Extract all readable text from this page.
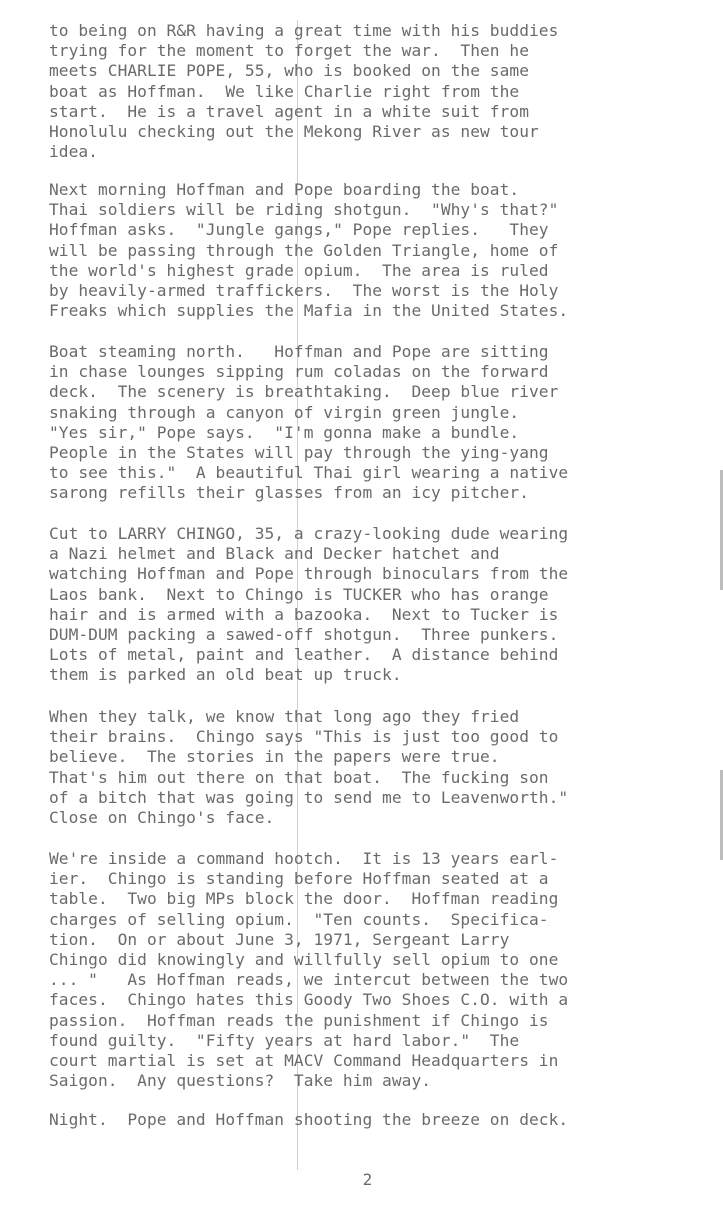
to being on R&R having a great time with his buddies
trying for the moment to forget the war.  Then he
meets CHARLIE POPE, 55, who is booked on the same
boat as Hoffman.  We like Charlie right from the
start.  He is a travel agent in a white suit from
Honolulu checking out the Mekong River as new tour
idea.
Next morning Hoffman and Pope boarding the boat.
Thai soldiers will be riding shotgun.  "Why's that?"
Hoffman asks.  "Jungle gangs," Pope replies.   They
will be passing through the Golden Triangle, home of
the world's highest grade opium.  The area is ruled
by heavily-armed traffickers.  The worst is the Holy
Freaks which supplies the Mafia in the United States.
Boat steaming north.   Hoffman and Pope are sitting
in chase lounges sipping rum coladas on the forward
deck.  The scenery is breathtaking.  Deep blue river
snaking through a canyon of virgin green jungle.
"Yes sir," Pope says.  "I'm gonna make a bundle.
People in the States will pay through the ying-yang
to see this."  A beautiful Thai girl wearing a native
sarong refills their glasses from an icy pitcher.
Cut to LARRY CHINGO, 35, a crazy-looking dude wearing
a Nazi helmet and Black and Decker hatchet and
watching Hoffman and Pope through binoculars from the
Laos bank.  Next to Chingo is TUCKER who has orange
hair and is armed with a bazooka.  Next to Tucker is
DUM-DUM packing a sawed-off shotgun.  Three punkers.
Lots of metal, paint and leather.  A distance behind
them is parked an old beat up truck.
When they talk, we know that long ago they fried
their brains.  Chingo says "This is just too good to
believe.  The stories in the papers were true.
That's him out there on that boat.  The fucking son
of a bitch that was going to send me to Leavenworth."
Close on Chingo's face.
We're inside a command hootch.  It is 13 years earl-
ier.  Chingo is standing before Hoffman seated at a
table.  Two big MPs block the door.  Hoffman reading
charges of selling opium.  "Ten counts.  Specifica-
tion.  On or about June 3, 1971, Sergeant Larry
Chingo did knowingly and willfully sell opium to one
... "   As Hoffman reads, we intercut between the two
faces.  Chingo hates this Goody Two Shoes C.O. with a
passion.  Hoffman reads the punishment if Chingo is
found guilty.  "Fifty years at hard labor."  The
court martial is set at MACV Command Headquarters in
Saigon.  Any questions?  Take him away.
Night.  Pope and Hoffman shooting the breeze on deck.
2
